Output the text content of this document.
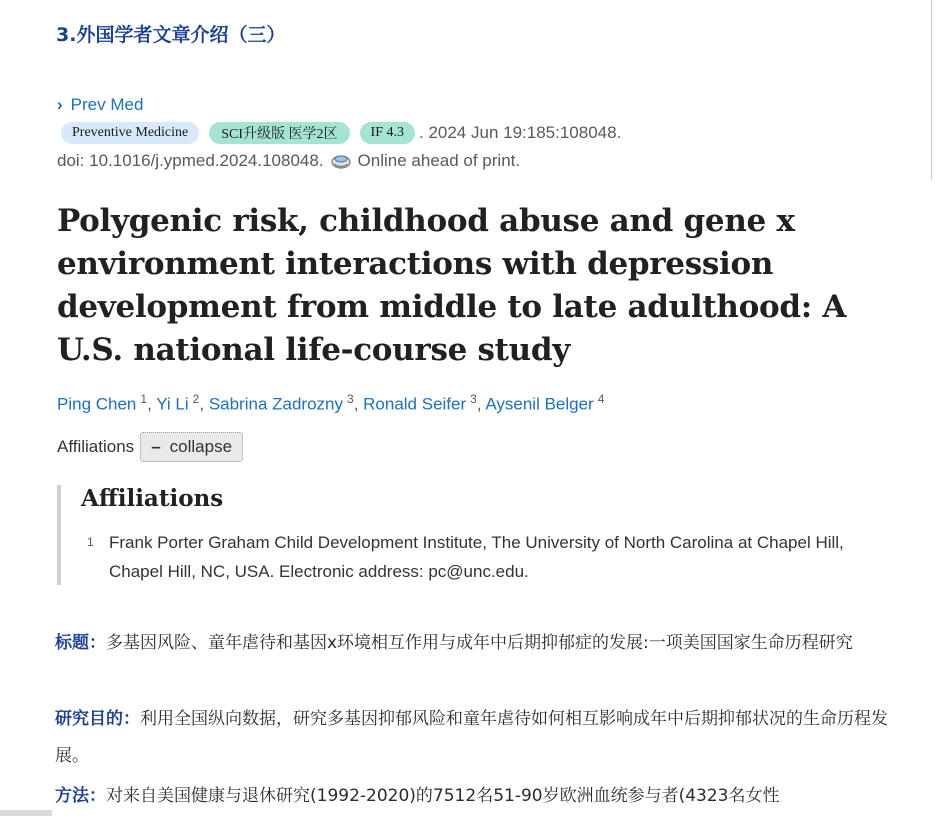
3.外国学者文章介绍（三）
› Prev Med
Preventive Medicine	SCI升级版 医学2区	IF 4.3 . 2024 Jun 19:185:108048.
doi: 10.1016/j.ypmed.2024.108048. Online ahead of print.
Polygenic risk, childhood abuse and gene x environment interactions with depression development from middle to late adulthood: A U.S. national life-course study
Ping Chen $^1$, Yi Li $^2$, Sabrina Zadrozny $^3$, Ronald Seifer $^3$, Aysenil Belger $^4$
Affiliations – collapse
Affiliations
1 Frank Porter Graham Child Development Institute, The University of North Carolina at Chapel Hill, Chapel Hill, NC, USA. Electronic address: pc@unc.edu.
标题：多基因风险、童年虐待和基因x环境相互作用与成年中后期抑郁症的发展:一项美国国家生命历程研究
研究目的：利用全国纵向数据，研究多基因抑郁风险和童年虐待如何相互影响成年中后期抑郁状况的生命历程发展。
方法：对来自美国健康与退休研究(1992-2020)的7512名51-90岁欧洲血统参与者(4323名女性
